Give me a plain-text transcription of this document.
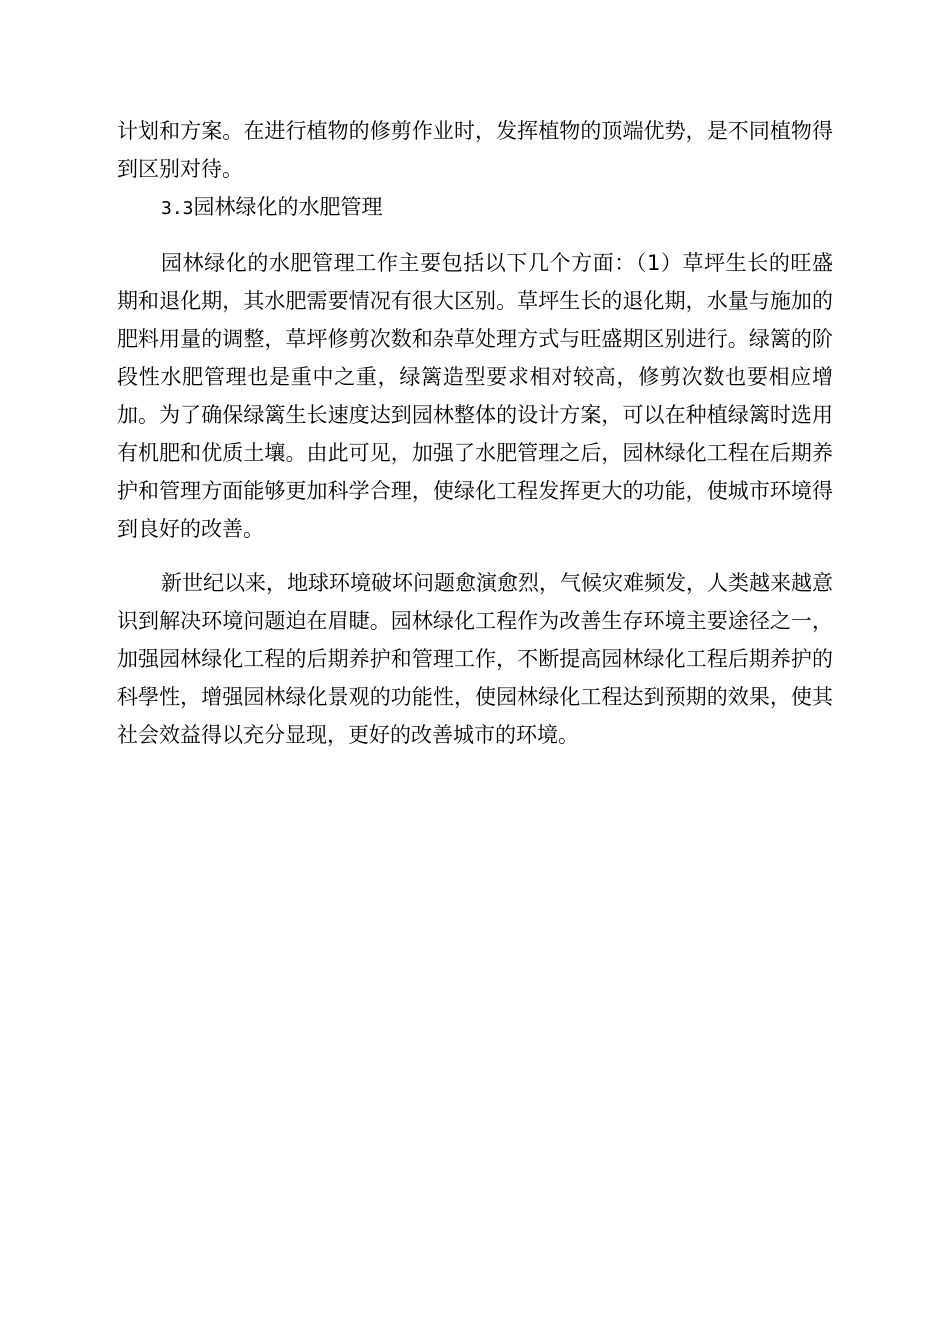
计划和方案。在进行植物的修剪作业时，发挥植物的顶端优势，是不同植物得到区别对待。

3.3园林绿化的水肥管理

园林绿化的水肥管理工作主要包括以下几个方面：（1）草坪生长的旺盛期和退化期，其水肥需要情况有很大区别。草坪生长的退化期，水量与施加的肥料用量的调整，草坪修剪次数和杂草处理方式与旺盛期区别进行。绿篱的阶段性水肥管理也是重中之重，绿篱造型要求相对较高，修剪次数也要相应增加。为了确保绿篱生长速度达到园林整体的设计方案，可以在种植绿篱时选用有机肥和优质土壤。由此可见，加强了水肥管理之后，园林绿化工程在后期养护和管理方面能够更加科学合理，使绿化工程发挥更大的功能，使城市环境得到良好的改善。

新世纪以来，地球环境破坏问题愈演愈烈，气候灾难频发，人类越来越意识到解决环境问题迫在眉睫。园林绿化工程作为改善生存环境主要途径之一，加强园林绿化工程的后期养护和管理工作，不断提高园林绿化工程后期养护的科學性，增强园林绿化景观的功能性，使园林绿化工程达到预期的效果，使其社会效益得以充分显现，更好的改善城市的环境。
